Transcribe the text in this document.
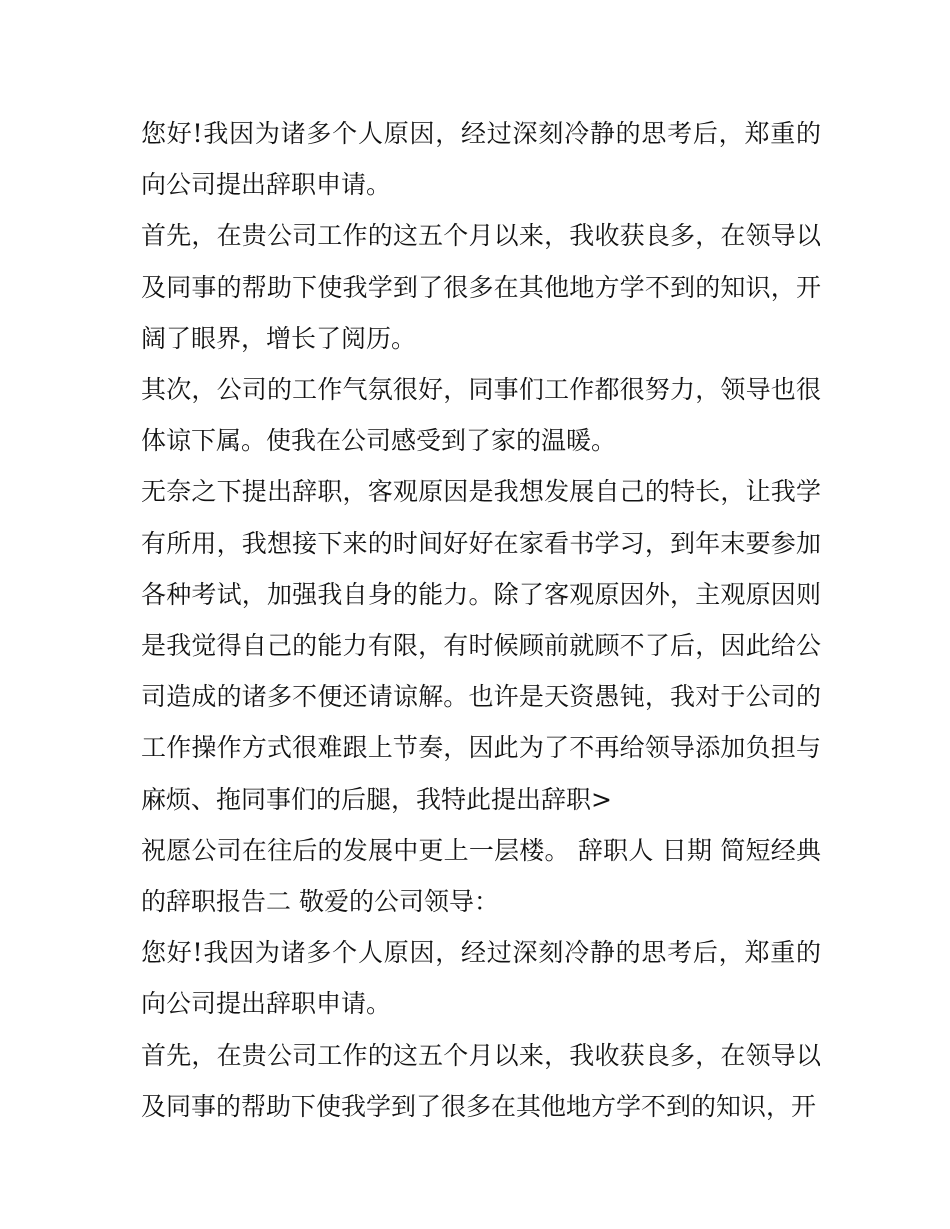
您好!我因为诸多个人原因，经过深刻冷静的思考后，郑重的向公司提出辞职申请。

首先，在贵公司工作的这五个月以来，我收获良多，在领导以及同事的帮助下使我学到了很多在其他地方学不到的知识，开阔了眼界，增长了阅历。

其次，公司的工作气氛很好，同事们工作都很努力，领导也很体谅下属。使我在公司感受到了家的温暖。

无奈之下提出辞职，客观原因是我想发展自己的特长，让我学有所用，我想接下来的时间好好在家看书学习，到年末要参加各种考试，加强我自身的能力。除了客观原因外，主观原因则是我觉得自己的能力有限，有时候顾前就顾不了后，因此给公司造成的诸多不便还请谅解。也许是天资愚钝，我对于公司的工作操作方式很难跟上节奏，因此为了不再给领导添加负担与麻烦、拖同事们的后腿，我特此提出辞职>

祝愿公司在往后的发展中更上一层楼。 辞职人 日期 简短经典的辞职报告二 敬爱的公司领导：

您好!我因为诸多个人原因，经过深刻冷静的思考后，郑重的向公司提出辞职申请。

首先，在贵公司工作的这五个月以来，我收获良多，在领导以及同事的帮助下使我学到了很多在其他地方学不到的知识，开
